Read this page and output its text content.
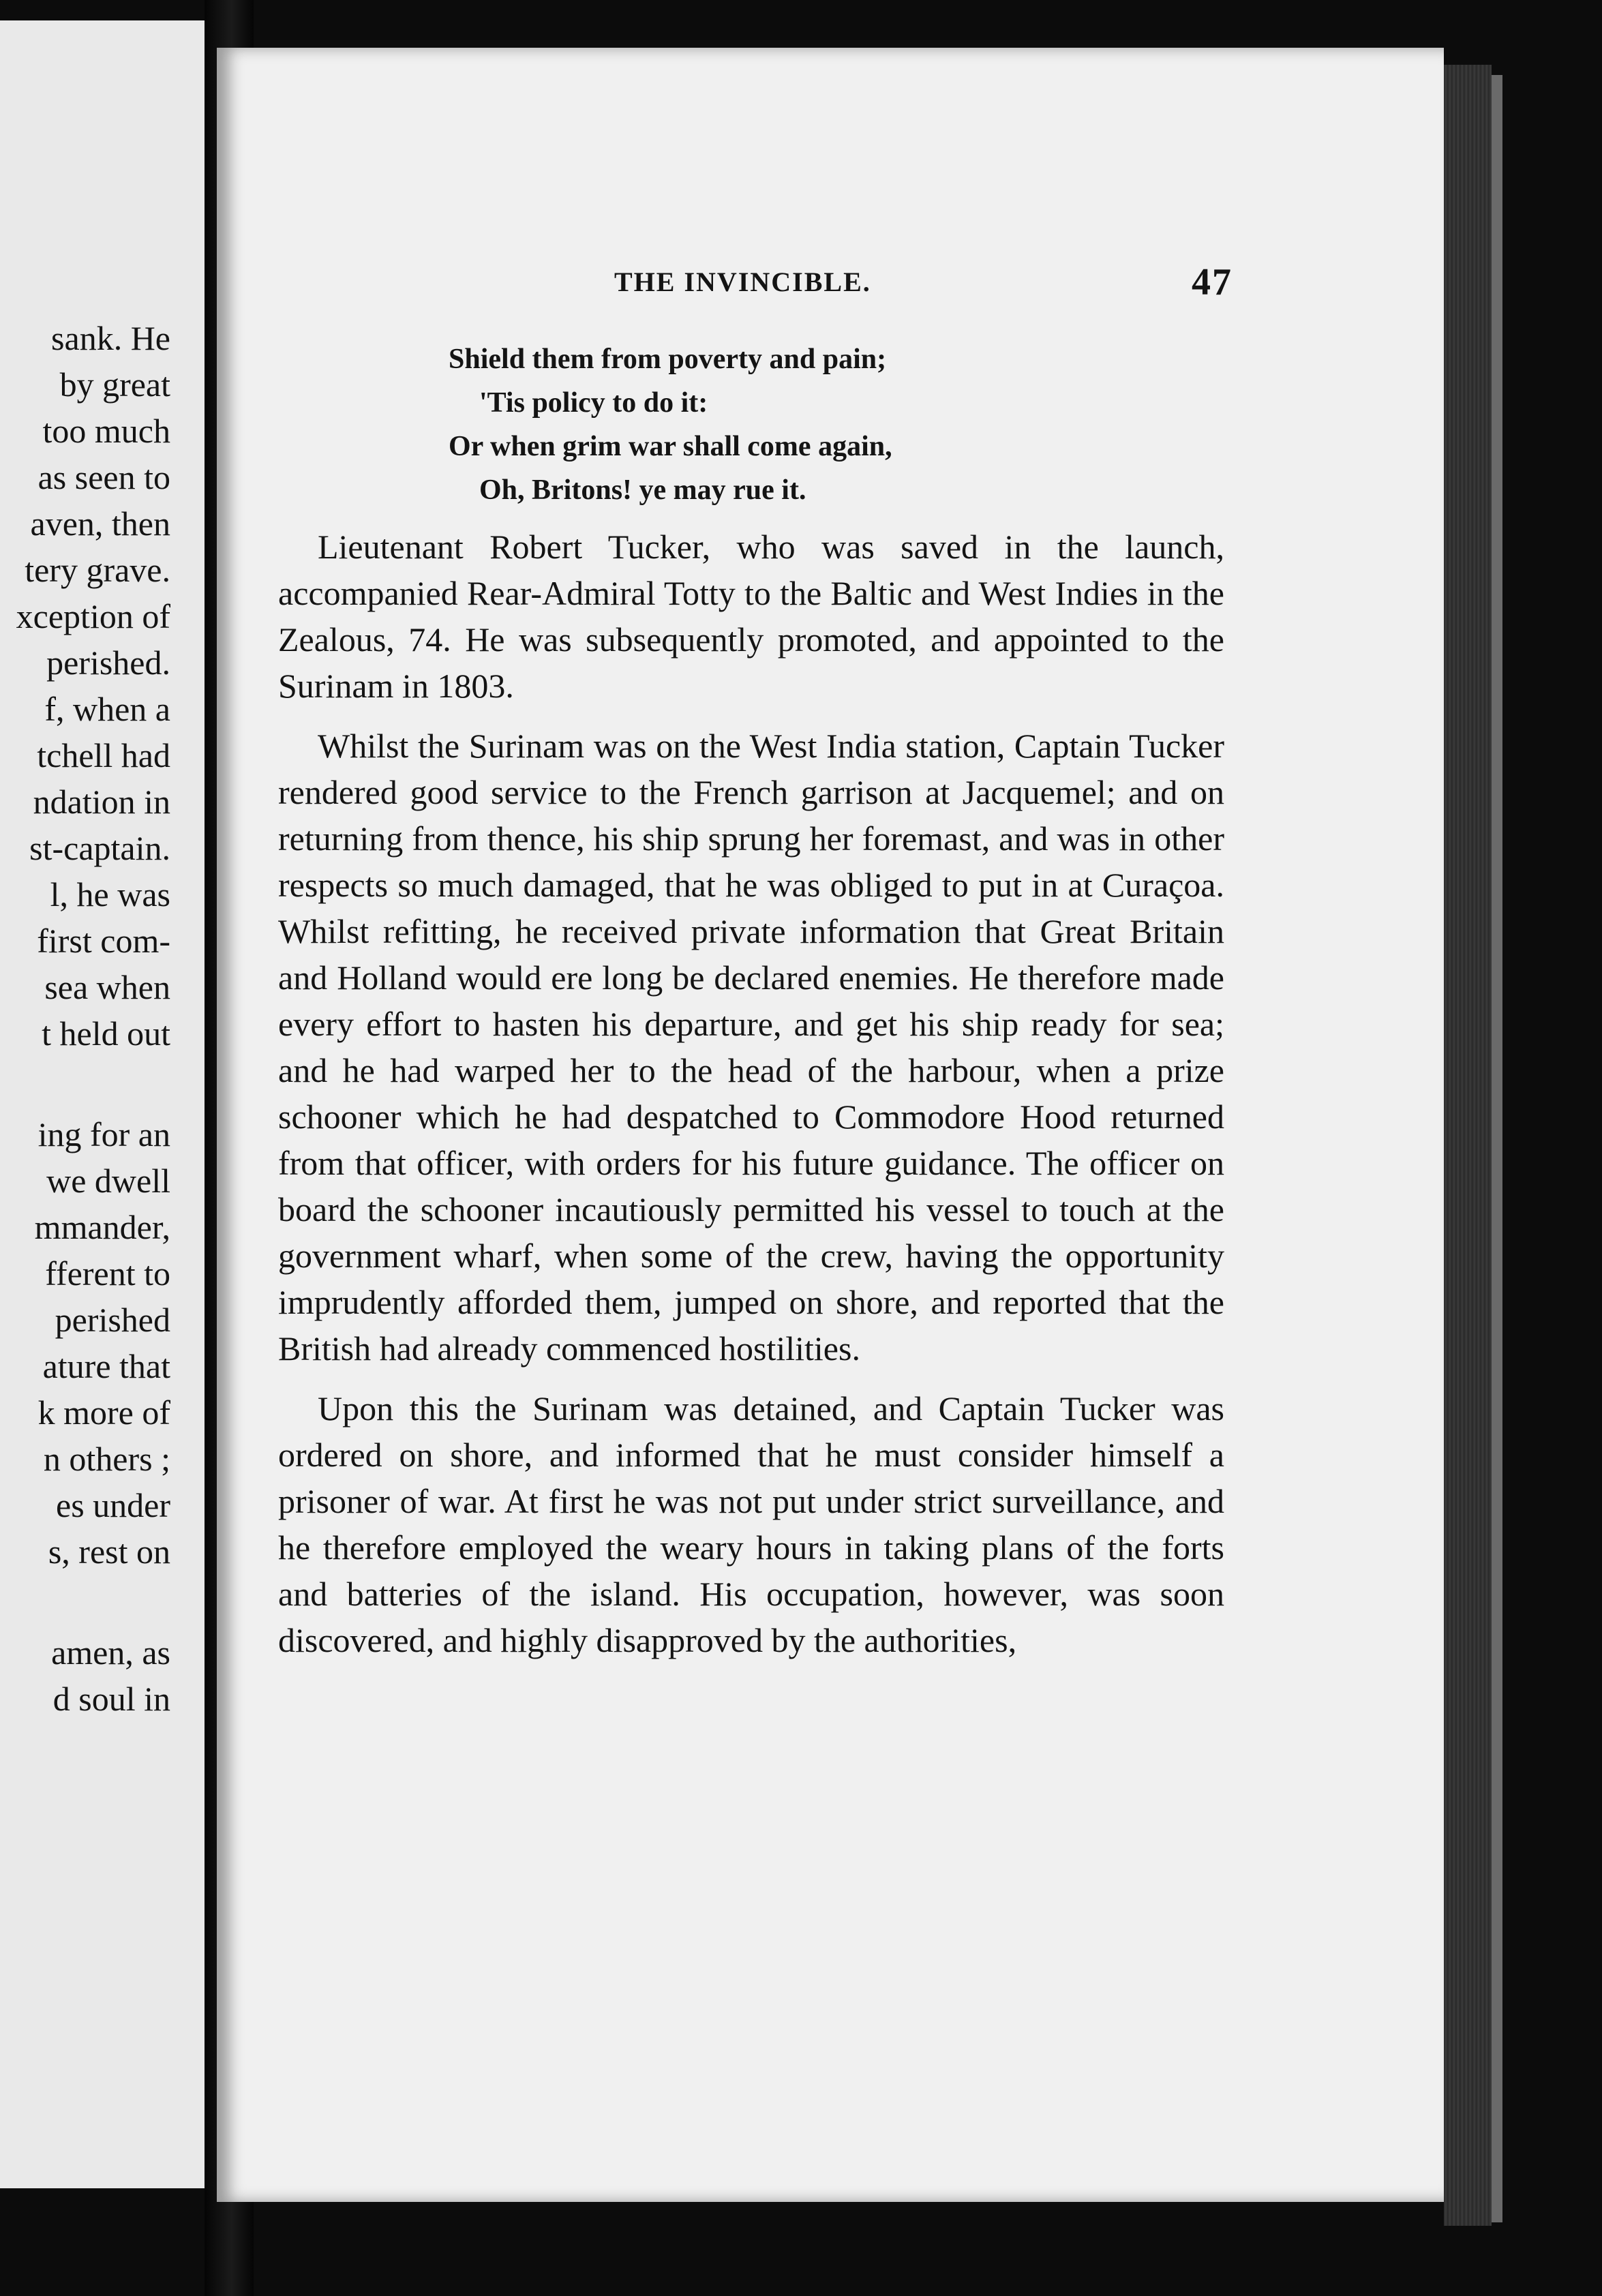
sank. He
by great
too much
as seen to
aven, then
tery grave.
xception of
perished.
f, when a
tchell had
ndation in
st-captain.
l, he was
first com-
sea when
t held out
ing for an
we dwell
mmander,
fferent to
perished
ature that
k more of
n others ;
es under
s, rest on
amen, as
d soul in
THE INVINCIBLE.	47
Shield them from poverty and pain;
'Tis policy to do it:
Or when grim war shall come again,
Oh, Britons! ye may rue it.

Lieutenant Robert Tucker, who was saved in the launch, accompanied Rear-Admiral Totty to the Baltic and West Indies in the Zealous, 74. He was subsequently promoted, and appointed to the Surinam in 1803.

Whilst the Surinam was on the West India station, Captain Tucker rendered good service to the French garrison at Jacquemel; and on returning from thence, his ship sprung her foremast, and was in other respects so much damaged, that he was obliged to put in at Curaçoa. Whilst refitting, he received private information that Great Britain and Holland would ere long be declared enemies. He therefore made every effort to hasten his departure, and get his ship ready for sea; and he had warped her to the head of the harbour, when a prize schooner which he had despatched to Commodore Hood returned from that officer, with orders for his future guidance. The officer on board the schooner incautiously permitted his vessel to touch at the government wharf, when some of the crew, having the opportunity imprudently afforded them, jumped on shore, and reported that the British had already commenced hostilities.

Upon this the Surinam was detained, and Captain Tucker was ordered on shore, and informed that he must consider himself a prisoner of war. At first he was not put under strict surveillance, and he therefore employed the weary hours in taking plans of the forts and batteries of the island. His occupation, however, was soon discovered, and highly disapproved by the authorities,
